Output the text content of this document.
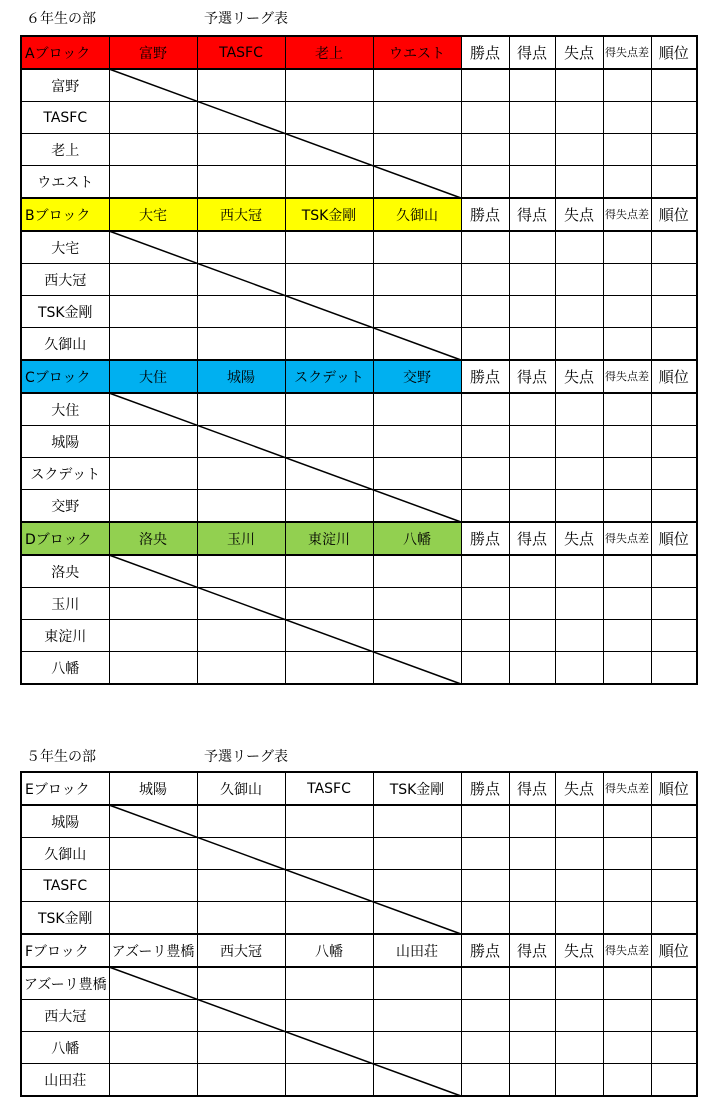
６年生の部	予選リーグ表
Aブロック	富野	TASFC	老上	ウエスト	勝点	得点	失点	得失点差	順位
富野									
TASFC									
老上									
ウエスト									
Bブロック	大宅	西大冠	TSK金剛	久御山	勝点	得点	失点	得失点差	順位
大宅									
西大冠									
TSK金剛									
久御山									
Cブロック	大住	城陽	スクデット	交野	勝点	得点	失点	得失点差	順位
大住									
城陽									
スクデット									
交野									
Dブロック	洛央	玉川	東淀川	八幡	勝点	得点	失点	得失点差	順位
洛央									
玉川									
東淀川									
八幡									
５年生の部	予選リーグ表
Eブロック	城陽	久御山	TASFC	TSK金剛	勝点	得点	失点	得失点差	順位
城陽									
久御山									
TASFC									
TSK金剛									
Fブロック	アズーリ豊橋	西大冠	八幡	山田荘	勝点	得点	失点	得失点差	順位
アズーリ豊橋									
西大冠									
八幡									
山田荘									
